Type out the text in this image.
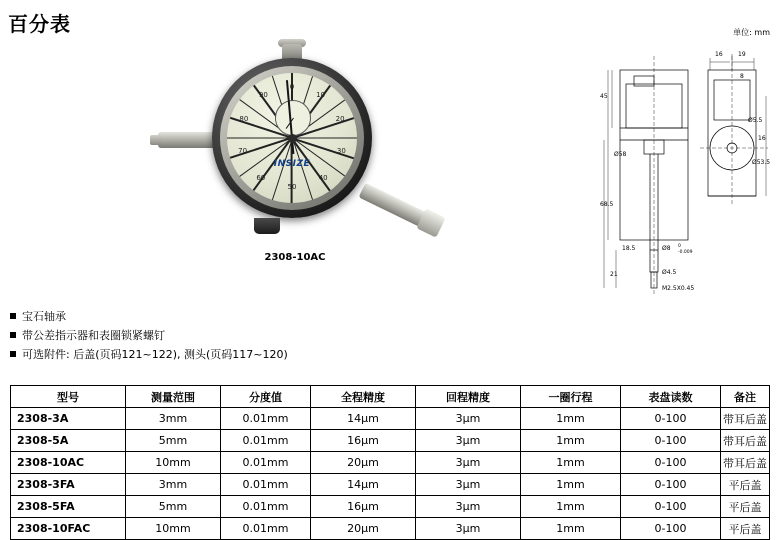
百分表	单位: mm
0
10
20
30
40
50
60
70
80
90
INSIZE
2308-10AC
16	19
8
45
Ø58
Ø5.5
16
Ø53.5
68.5
18.5
21
Ø8 0
-0.009
Ø4.5
M2.5X0.45
宝石轴承
带公差指示器和表圈锁紧螺钉
可选附件: 后盖(页码121~122), 测头(页码117~120)
型号	测量范围	分度值	全程精度	回程精度	一圈行程	表盘读数	备注
2308-3A	3mm	0.01mm	14μm	3μm	1mm	0-100	带耳后盖
2308-5A	5mm	0.01mm	16μm	3μm	1mm	0-100	带耳后盖
2308-10AC	10mm	0.01mm	20μm	3μm	1mm	0-100	带耳后盖
2308-3FA	3mm	0.01mm	14μm	3μm	1mm	0-100	平后盖
2308-5FA	5mm	0.01mm	16μm	3μm	1mm	0-100	平后盖
2308-10FAC	10mm	0.01mm	20μm	3μm	1mm	0-100	平后盖
